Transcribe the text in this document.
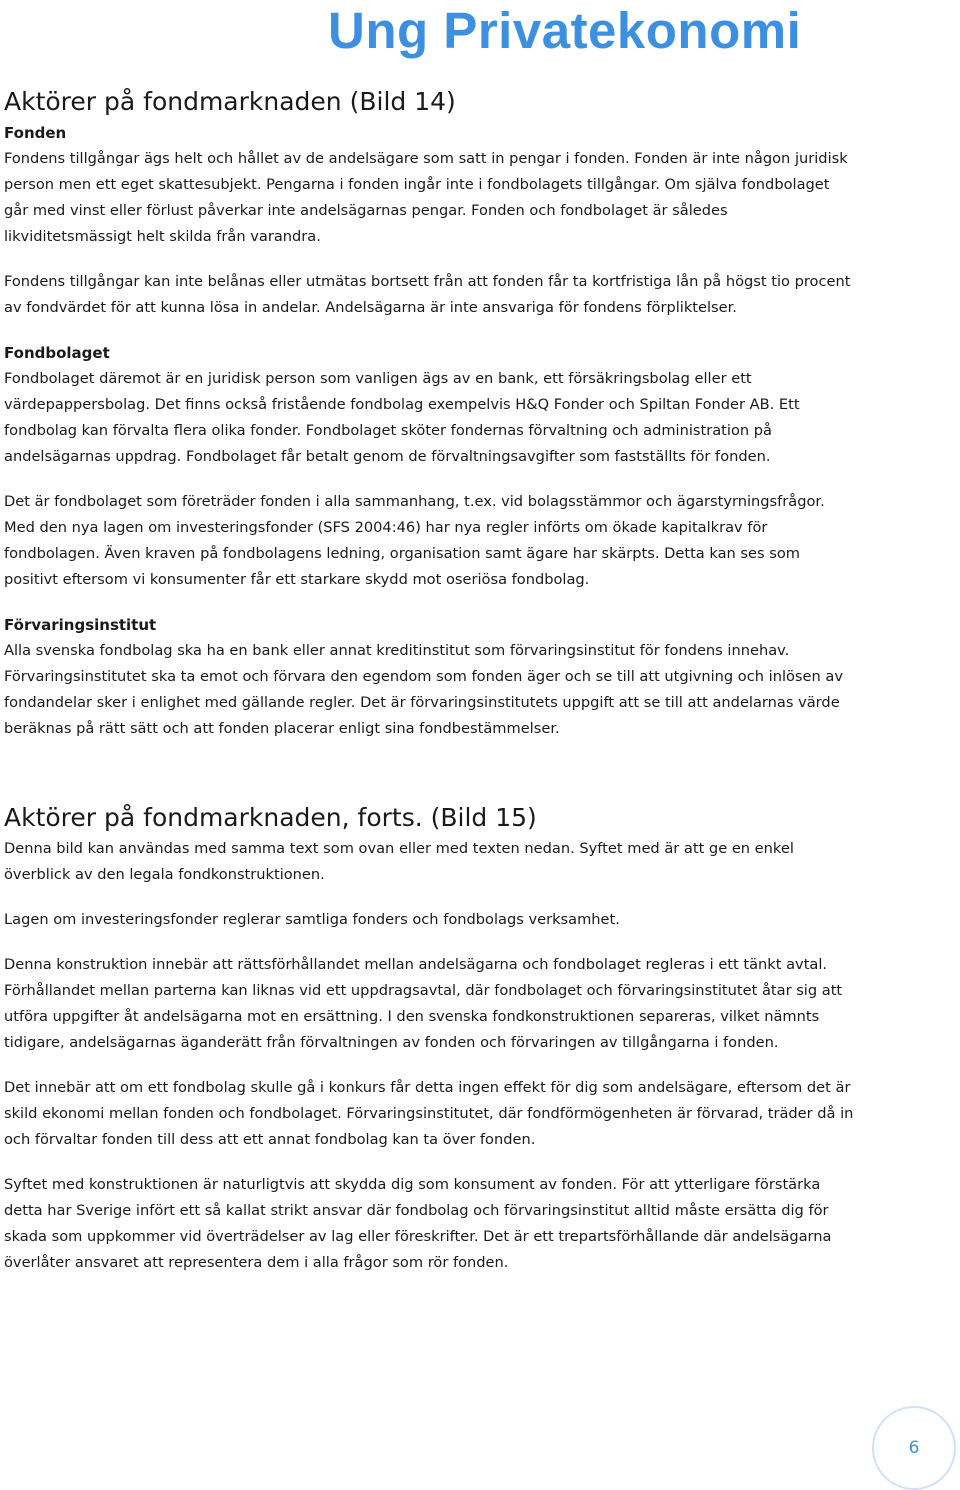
Ung Privatekonomi
Aktörer på fondmarknaden (Bild 14)
Fonden

Fondens tillgångar ägs helt och hållet av de andelsägare som satt in pengar i fonden. Fonden är inte någon juridisk person men ett eget skattesubjekt. Pengarna i fonden ingår inte i fondbolagets tillgångar. Om själva fondbolaget går med vinst eller förlust påverkar inte andelsägarnas pengar. Fonden och fondbolaget är således likviditetsmässigt helt skilda från varandra.

Fondens tillgångar kan inte belånas eller utmätas bortsett från att fonden får ta kortfristiga lån på högst tio procent av fondvärdet för att kunna lösa in andelar. Andelsägarna är inte ansvariga för fondens förpliktelser.

Fondbolaget

Fondbolaget däremot är en juridisk person som vanligen ägs av en bank, ett försäkringsbolag eller ett värdepappersbolag. Det finns också fristående fondbolag exempelvis H&Q Fonder och Spiltan Fonder AB. Ett fondbolag kan förvalta flera olika fonder. Fondbolaget sköter fondernas förvaltning och administration på andelsägarnas uppdrag. Fondbolaget får betalt genom de förvaltningsavgifter som fastställts för fonden.

Det är fondbolaget som företräder fonden i alla sammanhang, t.ex. vid bolagsstämmor och ägarstyrningsfrågor. Med den nya lagen om investeringsfonder (SFS 2004:46) har nya regler införts om ökade kapitalkrav för fondbolagen. Även kraven på fondbolagens ledning, organisation samt ägare har skärpts. Detta kan ses som positivt eftersom vi konsumenter får ett starkare skydd mot oseriösa fondbolag.

Förvaringsinstitut

Alla svenska fondbolag ska ha en bank eller annat kreditinstitut som förvaringsinstitut för fondens innehav. Förvaringsinstitutet ska ta emot och förvara den egendom som fonden äger och se till att utgivning och inlösen av fondandelar sker i enlighet med gällande regler. Det är förvaringsinstitutets uppgift att se till att andelarnas värde beräknas på rätt sätt och att fonden placerar enligt sina fondbestämmelser.

Aktörer på fondmarknaden, forts. (Bild 15)

Denna bild kan användas med samma text som ovan eller med texten nedan. Syftet med är att ge en enkel överblick av den legala fondkonstruktionen.

Lagen om investeringsfonder reglerar samtliga fonders och fondbolags verksamhet.

Denna konstruktion innebär att rättsförhållandet mellan andelsägarna och fondbolaget regleras i ett tänkt avtal. Förhållandet mellan parterna kan liknas vid ett uppdragsavtal, där fondbolaget och förvaringsinstitutet åtar sig att utföra uppgifter åt andelsägarna mot en ersättning. I den svenska fondkonstruktionen separeras, vilket nämnts tidigare, andelsägarnas äganderätt från förvaltningen av fonden och förvaringen av tillgångarna i fonden.

Det innebär att om ett fondbolag skulle gå i konkurs får detta ingen effekt för dig som andelsägare, eftersom det är skild ekonomi mellan fonden och fondbolaget. Förvaringsinstitutet, där fondförmögenheten är förvarad, träder då in och förvaltar fonden till dess att ett annat fondbolag kan ta över fonden.

Syftet med konstruktionen är naturligtvis att skydda dig som konsument av fonden. För att ytterligare förstärka detta har Sverige infört ett så kallat strikt ansvar där fondbolag och förvaringsinstitut alltid måste ersätta dig för skada som uppkommer vid överträdelser av lag eller föreskrifter. Det är ett trepartsförhållande där andelsägarna överlåter ansvaret att representera dem i alla frågor som rör fonden.

6
